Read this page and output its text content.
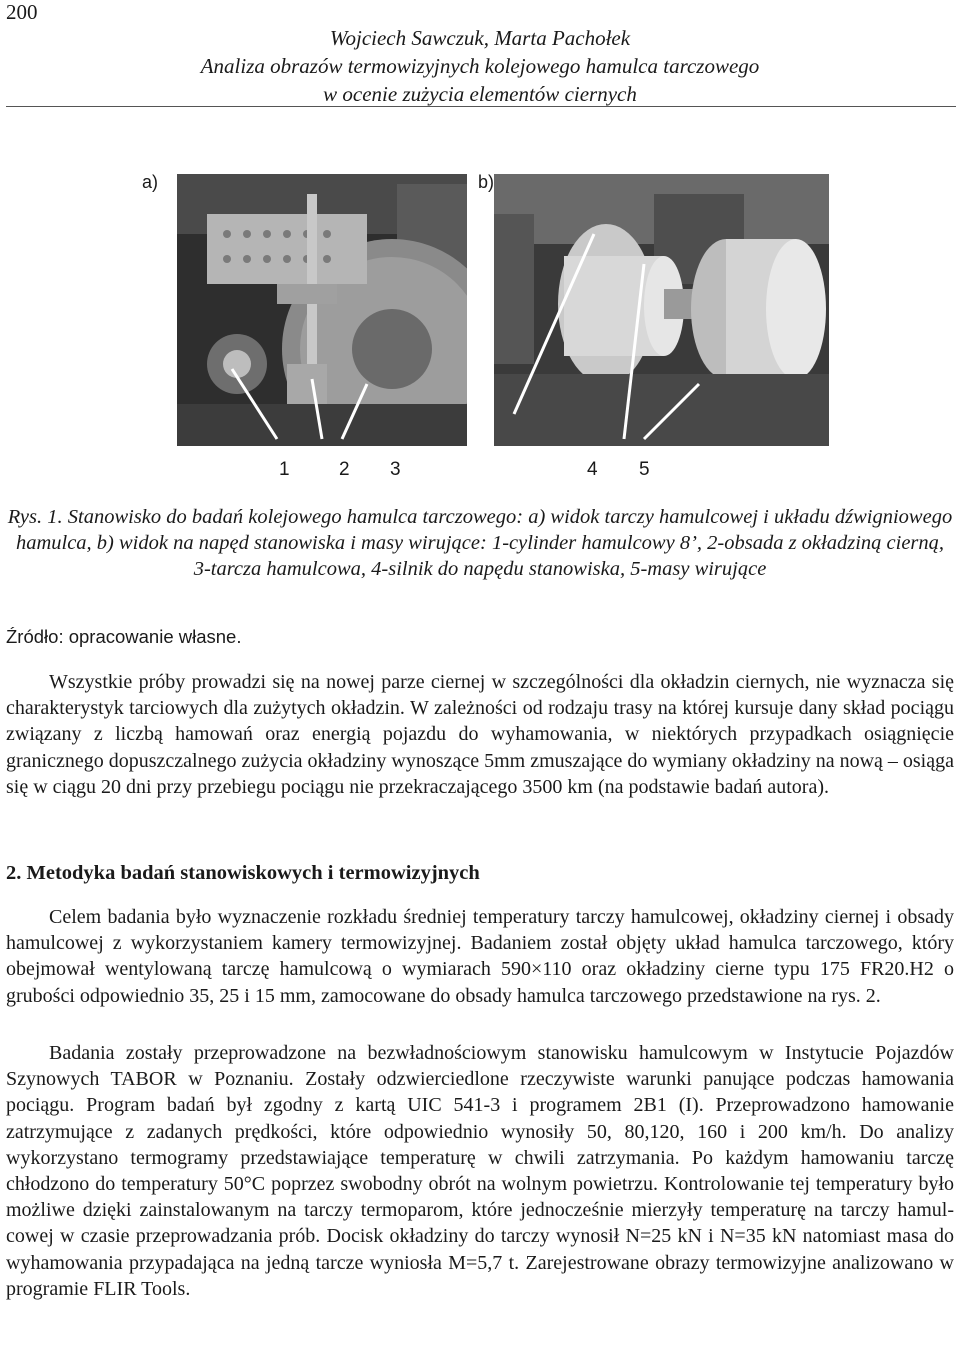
200
Wojciech Sawczuk, Marta Pachołek
Analiza obrazów termowizyjnych kolejowego hamulca tarczowego
w ocenie zużycia elementów ciernych
a)	b)
1	2 3	4 5
Rys. 1. Stanowisko do badań kolejowego hamulca tarczowego: a) widok tarczy hamulcowej i układu dźwigniowego hamulca, b) widok na napęd stanowiska i masy wirujące: 1-cylinder hamulcowy 8’, 2-obsada z okładziną cierną, 3-tarcza hamulcowa, 4-silnik do napędu stanowiska, 5-masy wirujące
Źródło: opracowanie własne.

Wszystkie próby prowadzi się na nowej parze ciernej w szczególności dla okładzin ciernych, nie wyznacza się charakterystyk tarciowych dla zużytych okładzin. W zależności od rodzaju trasy na której kursuje dany skład pociągu związany z liczbą hamowań oraz energią pojazdu do wyhamowania, w niektórych przypadkach osiągnięcie granicznego dopuszczalnego zużycia okładziny wynoszące 5mm zmuszające do wymiany okładziny na nową – osiąga się w ciągu 20 dni przy przebiegu pociągu nie przekraczającego 3500 km (na podstawie badań autora).

2. Metodyka badań stanowiskowych i termowizyjnych

Celem badania było wyznaczenie rozkładu średniej temperatury tarczy hamulcowej, okładziny ciernej i obsady hamulcowej z wykorzystaniem kamery termowizyjnej. Badaniem został objęty układ hamulca tarczowego, który obejmował wentylowaną tarczę hamulcową o wymiarach 590×110 oraz okładziny cierne typu 175 FR20.H2 o grubości odpowiednio 35, 25 i 15 mm, zamocowane do obsady hamulca tarczowego przedstawione na rys. 2.

Badania zostały przeprowadzone na bezwładnościowym stanowisku hamulcowym w Instytucie Pojazdów Szynowych TABOR w Poznaniu. Zostały odzwierciedlone rzeczywiste warunki panujące podczas hamowania pociągu. Program badań był zgodny z kartą UIC 541-3 i programem 2B1 (I). Przeprowadzono hamowanie zatrzymujące z zadanych prędkości, które odpowiednio wynosiły 50, 80,120, 160 i 200 km/h. Do analizy wykorzystano termogramy przedstawiające temperaturę w chwili zatrzymania. Po każdym hamowaniu tarczę chłodzono do temperatury 50°C poprzez swobodny obrót na wolnym powietrzu. Kontrolowanie tej temperatury było możliwe dzięki zainstalowanym na tarczy termoparom, które jednocześnie mierzyły temperaturę na tarczy hamulcowej w czasie przeprowadzania prób. Docisk okładziny do tarczy wynosił N=25 kN i N=35 kN natomiast masa do wyhamowania przypadająca na jedną tarcze wyniosła M=5,7 t. Zarejestrowane obrazy termowizyjne analizowano w programie FLIR Tools.
